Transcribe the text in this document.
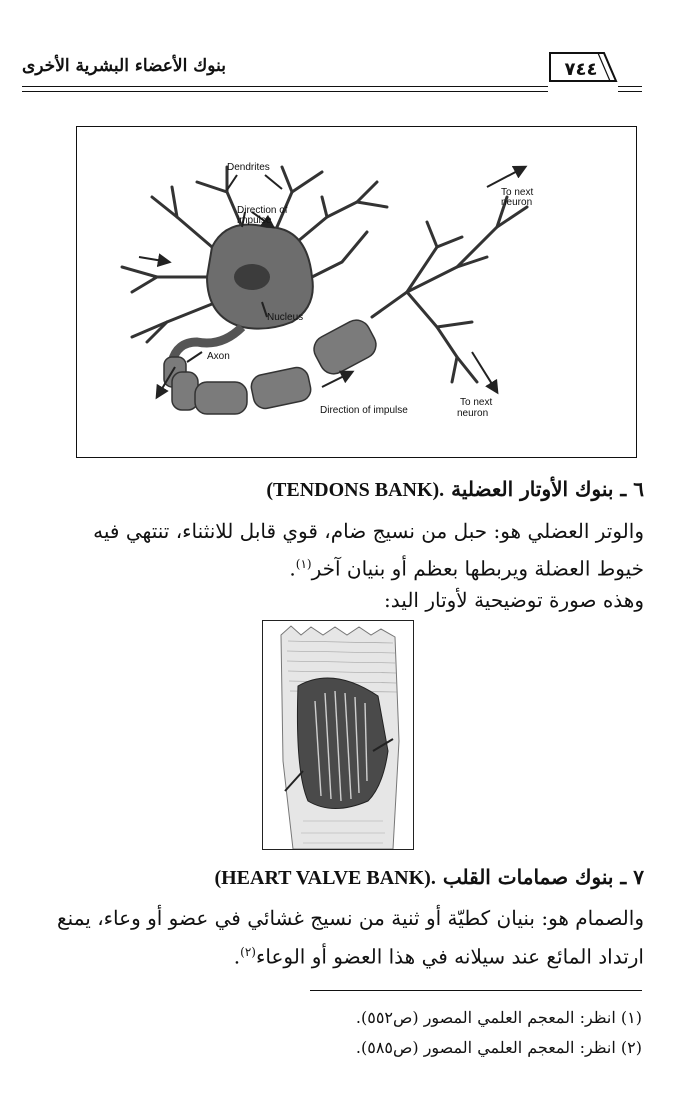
بنوك الأعضاء البشرية الأخرى	٧٤٤
Dendrites
Direction of
impulse
To next
neuron
Nucleus
Axon
To next
neuron
Direction of impulse
٦ ـ بنوك الأوتار العضلية (TENDONS BANK).
والوتر العضلي هو: حبل من نسيج ضام، قوي قابل للانثناء، تنتهي فيه
خيوط العضلة ويربطها بعظم أو بنيان آخر$^{(١)}$.
وهذه صورة توضيحية لأوتار اليد:
٧ ـ بنوك صمامات القلب (HEART VALVE BANK).
والصمام هو: بنيان كطيّة أو ثنية من نسيج غشائي في عضو أو وعاء، يمنع
ارتداد المائع عند سيلانه في هذا العضو أو الوعاء$^{(٢)}$.
(١) انظر: المعجم العلمي المصور (ص٥٥٢).
(٢) انظر: المعجم العلمي المصور (ص٥٨٥).
